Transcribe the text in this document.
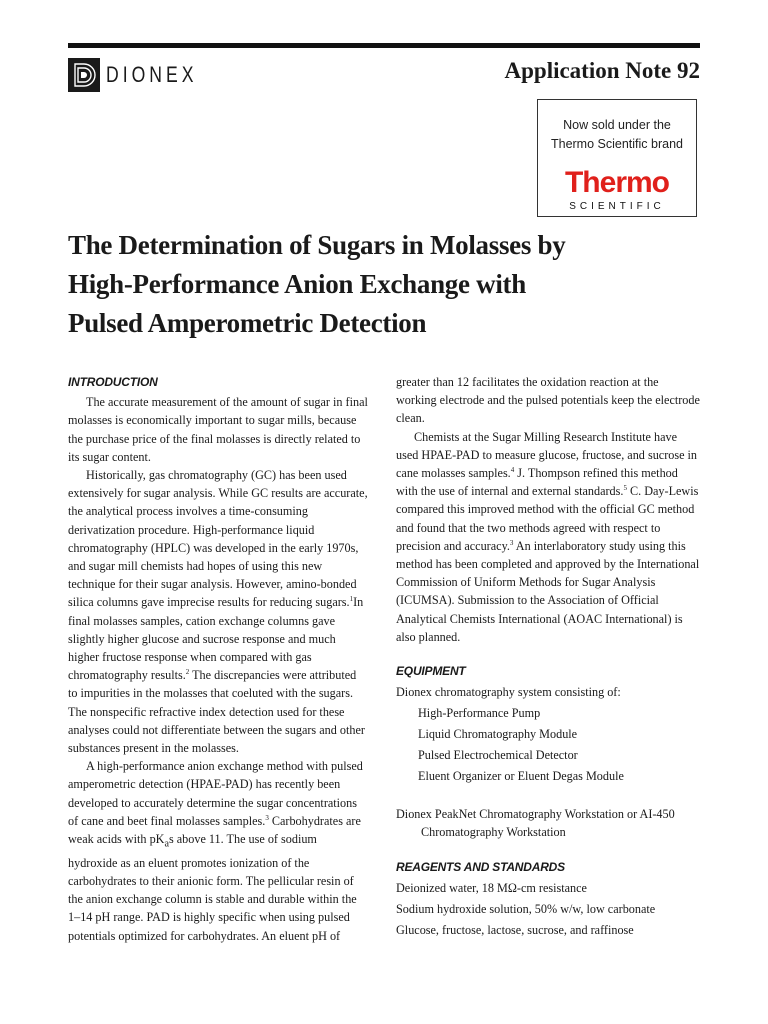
DIONEX	Application Note 92
Now sold under the
Thermo Scientific brand
Thermo
SCIENTIFIC
The Determination of Sugars in Molasses by
High-Performance Anion Exchange with
Pulsed Amperometric Detection
INTRODUCTION

The accurate measurement of the amount of sugar in final molasses is economically important to sugar mills, because the purchase price of the final molasses is directly related to its sugar content.

Historically, gas chromatography (GC) has been used extensively for sugar analysis. While GC results are accurate, the analytical process involves a time-consuming derivatization procedure. High-performance liquid chromatography (HPLC) was developed in the early 1970s, and sugar mill chemists had hopes of using this new technique for their sugar analysis. However, amino-bonded silica columns gave imprecise results for reducing sugars.$^1$In final molasses samples, cation exchange columns gave slightly higher glucose and sucrose response and much higher fructose response when compared with gas chromatography results.$^2$ The discrepancies were attributed to impurities in the molasses that coeluted with the sugars. The nonspecific refractive index detection used for these analyses could not differentiate between the sugars and other substances present in the molasses.

A high-performance anion exchange method with pulsed amperometric detection (HPAE-PAD) has recently been developed to accurately determine the sugar concentrations of cane and beet final molasses samples.$^3$ Carbohydrates are weak acids with $pK_as$ above 11. The use of sodium hydroxide as an eluent promotes ionization of the carbohydrates to their anionic form. The pellicular resin of the anion exchange column is stable and durable within the 1–14 pH range. PAD is highly specific when using pulsed potentials optimized for carbohydrates. An eluent pH of

greater than 12 facilitates the oxidation reaction at the working electrode and the pulsed potentials keep the electrode clean.

Chemists at the Sugar Milling Research Institute have used HPAE-PAD to measure glucose, fructose, and sucrose in cane molasses samples.$^4$ J. Thompson refined this method with the use of internal and external standards.$^5$ C. Day-Lewis compared this improved method with the official GC method and found that the two methods agreed with respect to precision and accuracy.$^3$ An interlaboratory study using this method has been completed and approved by the International Commission of Uniform Methods for Sugar Analysis (ICUMSA). Submission to the Association of Official Analytical Chemists International (AOAC International) is also planned.

EQUIPMENT

Dionex chromatography system consisting of:

High-Performance Pump
Liquid Chromatography Module
Pulsed Electrochemical Detector
Eluent Organizer or Eluent Degas Module

Dionex PeakNet Chromatography Workstation or AI-450 Chromatography Workstation

REAGENTS AND STANDARDS
Deionized water, 18 MΩ-cm resistance
Sodium hydroxide solution, 50% w/w, low carbonate
Glucose, fructose, lactose, sucrose, and raffinose
